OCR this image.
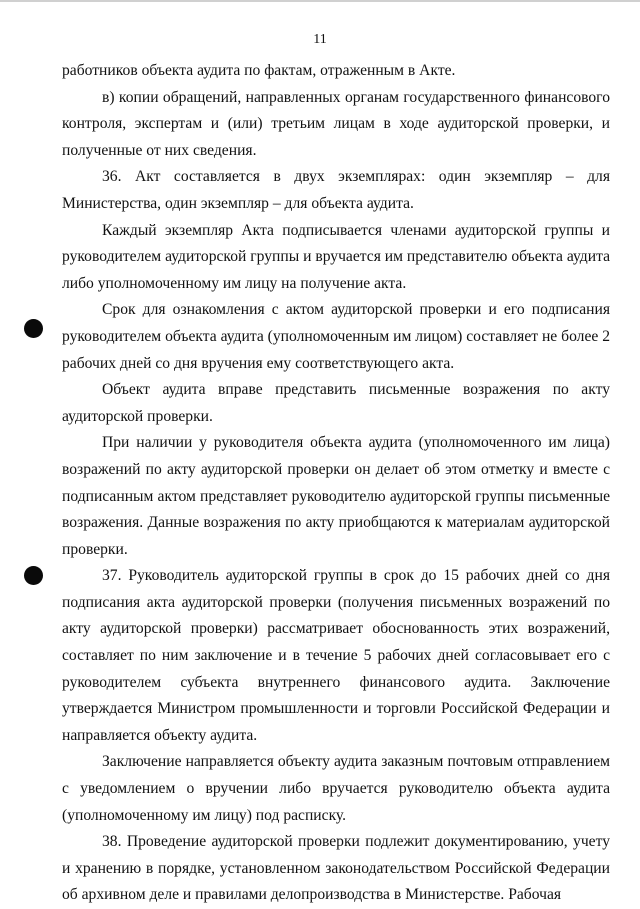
11

работников объекта аудита по фактам, отраженным в Акте.

в) копии обращений, направленных органам государственного финансового контроля, экспертам и (или) третьим лицам в ходе аудиторской проверки, и полученные от них сведения.

36. Акт составляется в двух экземплярах: один экземпляр – для Министерства, один экземпляр – для объекта аудита.

Каждый экземпляр Акта подписывается членами аудиторской группы и руководителем аудиторской группы и вручается им представителю объекта аудита либо уполномоченному им лицу на получение акта.

Срок для ознакомления с актом аудиторской проверки и его подписания руководителем объекта аудита (уполномоченным им лицом) составляет не более 2 рабочих дней со дня вручения ему соответствующего акта.

Объект аудита вправе представить письменные возражения по акту аудиторской проверки.

При наличии у руководителя объекта аудита (уполномоченного им лица) возражений по акту аудиторской проверки он делает об этом отметку и вместе с подписанным актом представляет руководителю аудиторской группы письменные возражения. Данные возражения по акту приобщаются к материалам аудиторской проверки.

37. Руководитель аудиторской группы в срок до 15 рабочих дней со дня подписания акта аудиторской проверки (получения письменных возражений по акту аудиторской проверки) рассматривает обоснованность этих возражений, составляет по ним заключение и в течение 5 рабочих дней согласовывает его с руководителем субъекта внутреннего финансового аудита. Заключение утверждается Министром промышленности и торговли Российской Федерации и направляется объекту аудита.

Заключение направляется объекту аудита заказным почтовым отправлением с уведомлением о вручении либо вручается руководителю объекта аудита (уполномоченному им лицу) под расписку.

38. Проведение аудиторской проверки подлежит документированию, учету и хранению в порядке, установленном законодательством Российской Федерации об архивном деле и правилами делопроизводства в Министерстве. Рабочая
